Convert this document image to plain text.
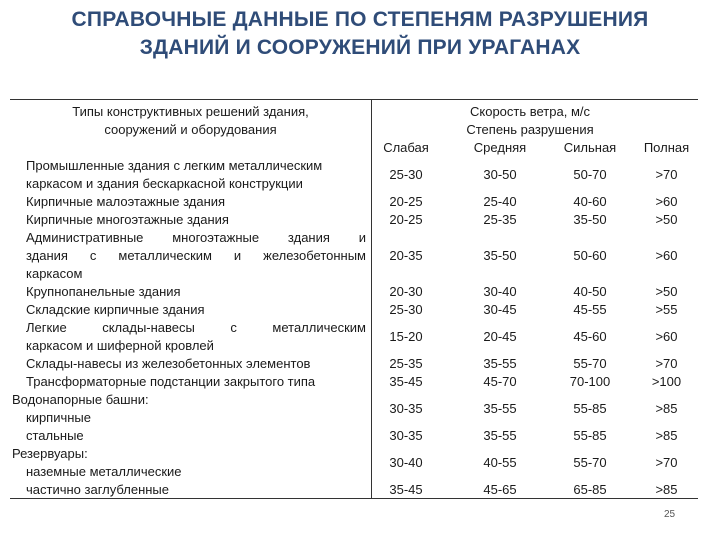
СПРАВОЧНЫЕ ДАННЫЕ ПО СТЕПЕНЯМ РАЗРУШЕНИЯ
ЗДАНИЙ И СООРУЖЕНИЙ ПРИ УРАГАНАХ
Типы конструктивных решений здания,
сооружений и оборудования
Скорость ветра, м/с
Степень разрушения
Слабая	Средняя	Сильная	Полная
Промышленные здания с легким металлическим
каркасом и здания бескаркасной конструкции
25-30	30-50	50-70	>70
Кирпичные малоэтажные здания	20-25	25-40	40-60	>60
Кирпичные многоэтажные здания	20-25	25-35	35-50	>50
Административные многоэтажные здания и
здания с металлическим и железобетонным
каркасом
20-35	35-50	50-60	>60
Крупнопанельные здания	20-30	30-40	40-50	>50
Складские кирпичные здания	25-30	30-45	45-55	>55
Легкие склады-навесы с металлическим
каркасом и шиферной кровлей
15-20	20-45	45-60	>60
Склады-навесы из железобетонных элементов	25-35	35-55	55-70	>70
Трансформаторные подстанции закрытого типа	35-45	45-70	70-100	>100
Водонапорные башни:
кирпичные
30-35	35-55	55-85	>85
стальные	30-35	35-55	55-85	>85
Резервуары:
наземные металлические
30-40	40-55	55-70	>70
частично заглубленные	35-45	45-65	65-85	>85
25
